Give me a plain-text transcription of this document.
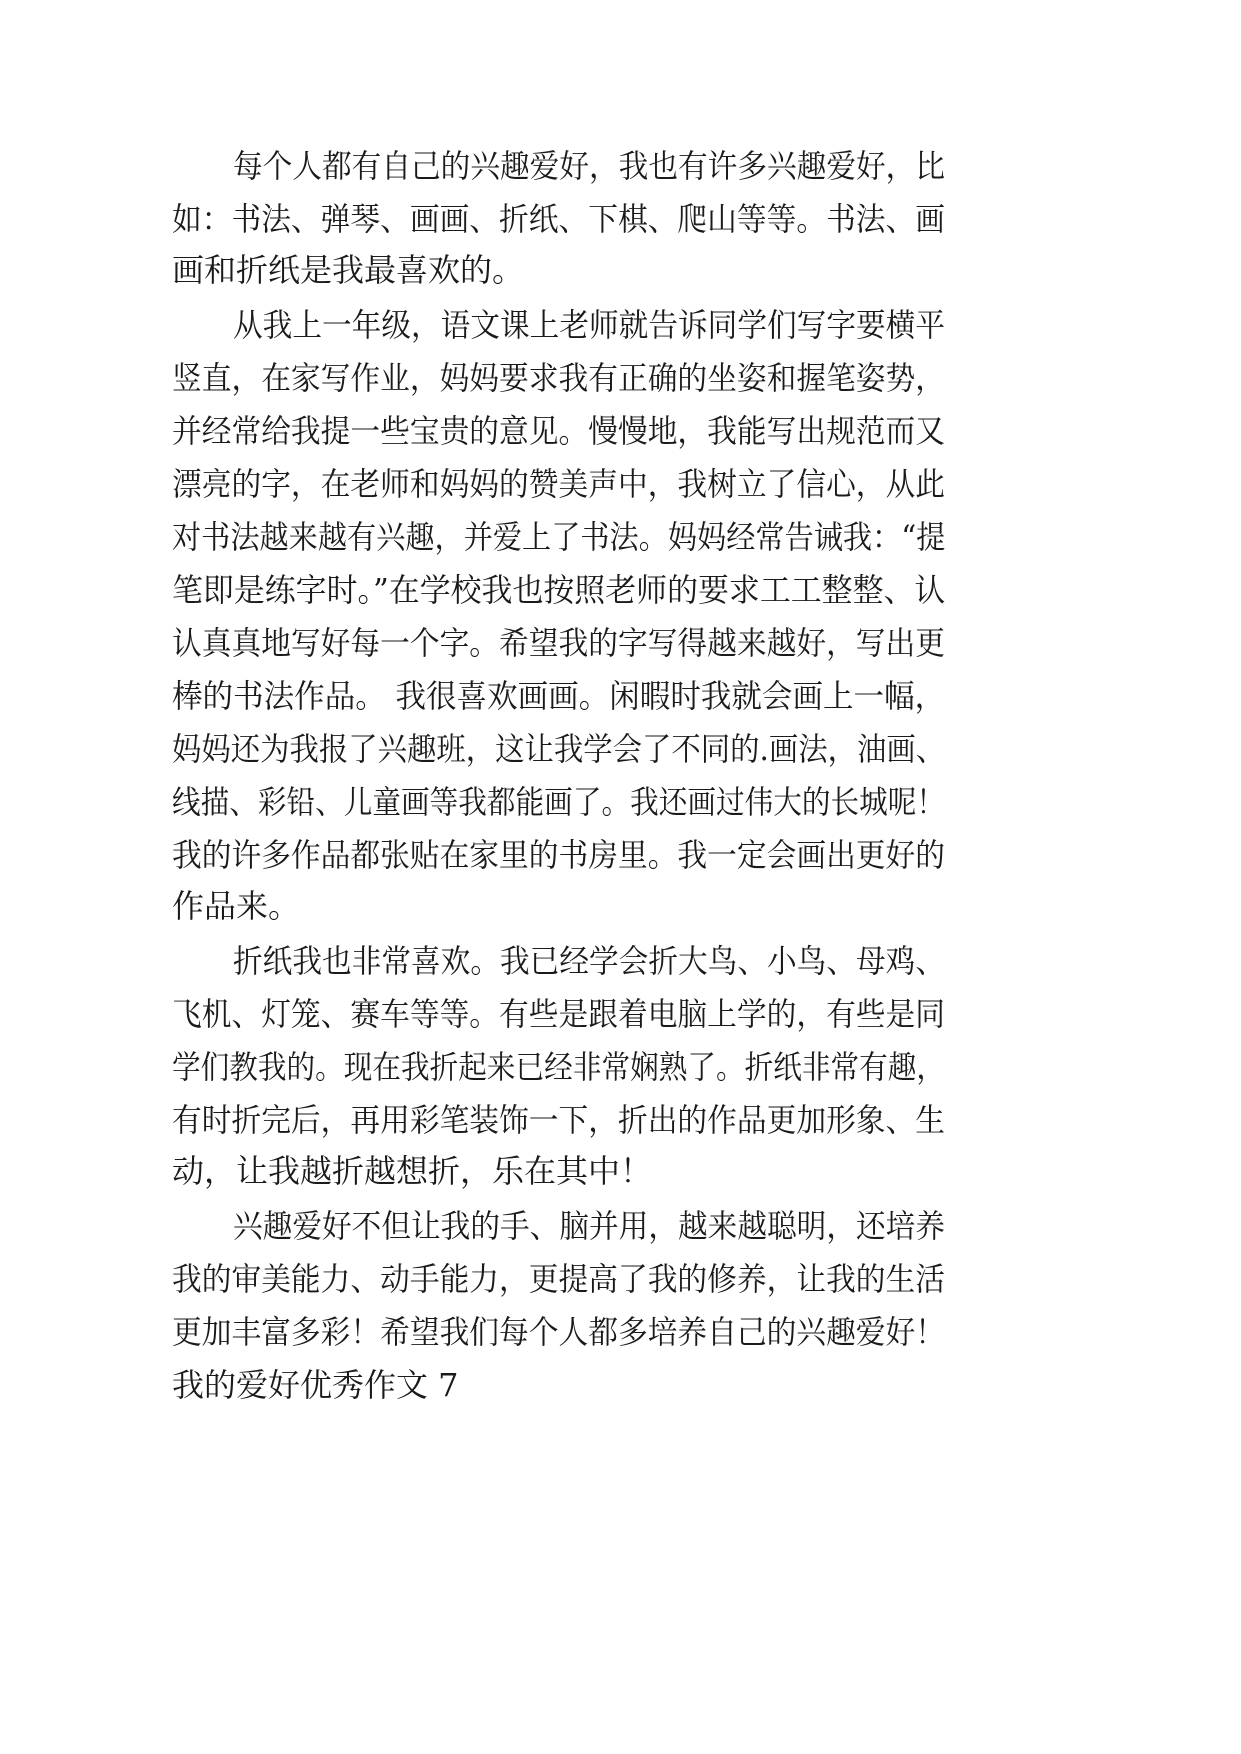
每个人都有自己的兴趣爱好，我也有许多兴趣爱好，比
如：书法、弹琴、画画、折纸、下棋、爬山等等。书法、画
画和折纸是我最喜欢的。
从我上一年级，语文课上老师就告诉同学们写字要横平
竖直，在家写作业，妈妈要求我有正确的坐姿和握笔姿势，
并经常给我提一些宝贵的意见。慢慢地，我能写出规范而又
漂亮的字，在老师和妈妈的赞美声中，我树立了信心，从此
对书法越来越有兴趣，并爱上了书法。妈妈经常告诫我：“提
笔即是练字时。”在学校我也按照老师的要求工工整整、认
认真真地写好每一个字。希望我的字写得越来越好，写出更
棒的书法作品。 我很喜欢画画。闲暇时我就会画上一幅，
妈妈还为我报了兴趣班，这让我学会了不同的.画法，油画、
线描、彩铅、儿童画等我都能画了。我还画过伟大的长城呢！
我的许多作品都张贴在家里的书房里。我一定会画出更好的
作品来。
折纸我也非常喜欢。我已经学会折大鸟、小鸟、母鸡、
飞机、灯笼、赛车等等。有些是跟着电脑上学的，有些是同
学们教我的。现在我折起来已经非常娴熟了。折纸非常有趣，
有时折完后，再用彩笔装饰一下，折出的作品更加形象、生
动，让我越折越想折，乐在其中！
兴趣爱好不但让我的手、脑并用，越来越聪明，还培养
我的审美能力、动手能力，更提高了我的修养，让我的生活
更加丰富多彩！希望我们每个人都多培养自己的兴趣爱好！
我的爱好优秀作文 7
